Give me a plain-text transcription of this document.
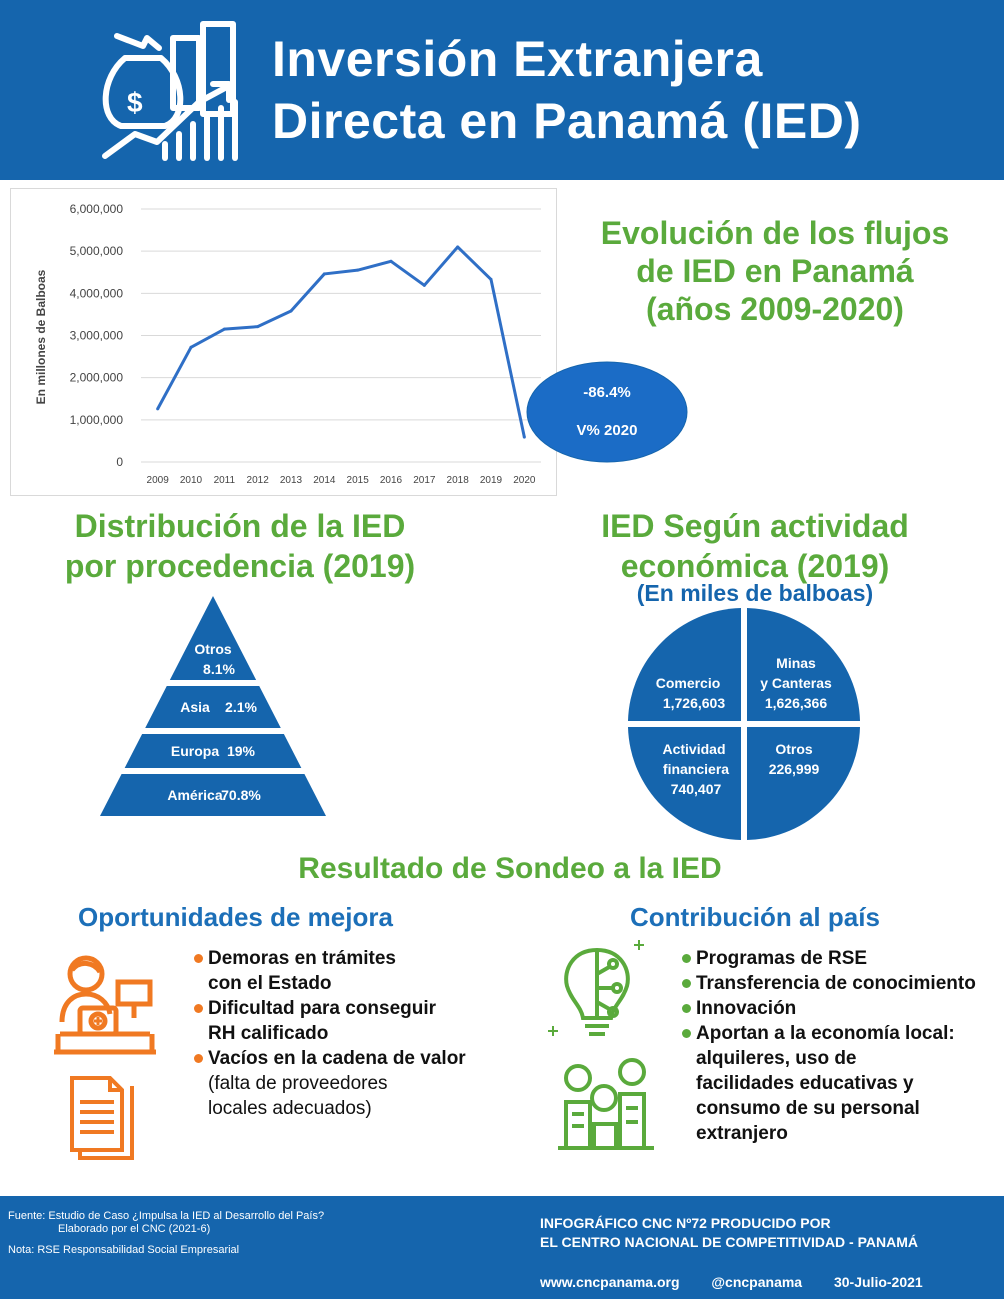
$
Inversión Extranjera
Directa en Panamá (IED)
0
1,000,000
2,000,000
3,000,000
4,000,000
5,000,000
6,000,000
2009 2010 2011 2012 2013 2014 2015 2016 2017 2018 2019 2020
En millones de Balboas	-86.4%
V% 2020
Evolución de los flujos
de IED en Panamá
(años 2009-2020)
Distribución de la IED
por procedencia (2019)
IED Según actividad
económica (2019)
(En miles de balboas)
Otros
8.1%
Asia 2.1%
Europa 19%
América
70.8%
Comercio
1,726,603
Minas
y Canteras
1,626,366
Actividad
financiera
740,407
Otros
226,999
Resultado de Sondeo a la IED
Oportunidades de mejora	Contribución al país
Demoras en trámites
con el Estado
Dificultad para conseguir
RH calificado
Vacíos en la cadena de valor
(falta de proveedores
locales adecuados)
Programas de RSE
Transferencia de conocimiento
Innovación
Aportan a la economía local:
alquileres, uso de
facilidades educativas y
consumo de su personal
extranjero
Fuente: Estudio de Caso ¿Impulsa la IED al Desarrollo del País?
Elaborado por el CNC (2021-6)
Nota: RSE Responsabilidad Social Empresarial
INFOGRÁFICO CNC Nº72 PRODUCIDO POR
EL CENTRO NACIONAL DE COMPETITIVIDAD - PANAMÁ
www.cncpanama.org @cncpanama 30-Julio-2021
